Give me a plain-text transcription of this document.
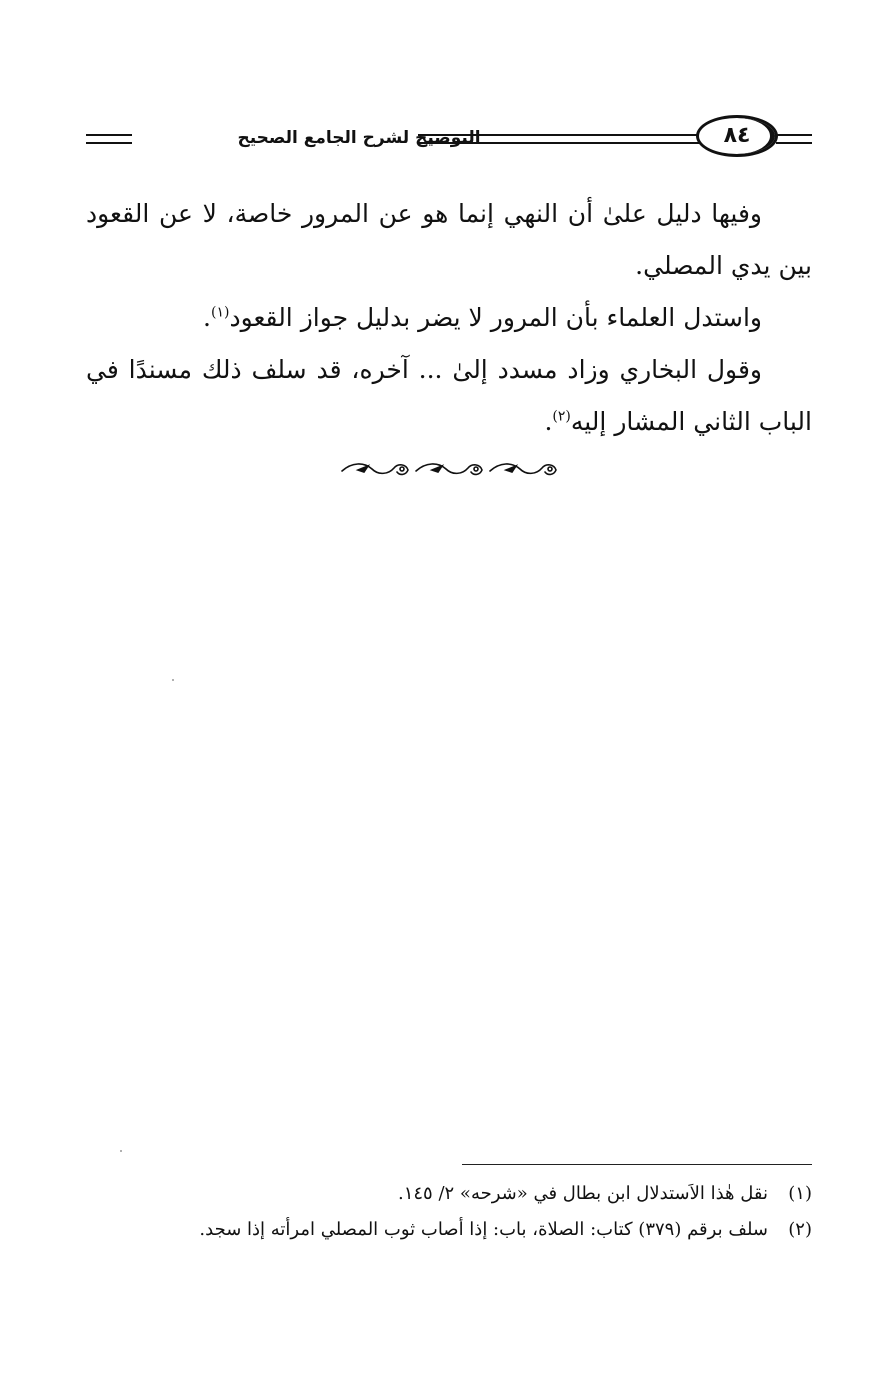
التوضيح لشرح الجامع الصحيح	٨٤

وفيها دليل علىٰ أن النهي إنما هو عن المرور خاصة، لا عن القعود بين يدي المصلي.

واستدل العلماء بأن المرور لا يضر بدليل جواز القعود$^{(١)}$.

وقول البخاري وزاد مسدد إلىٰ ... آخره، قد سلف ذلك مسندًا في الباب الثاني المشار إليه$^{(٢)}$.

(١)
نقل هٰذا الاَستدلال ابن بطال في «شرحه» ٢/ ١٤٥.
(٢)
سلف برقم (٣٧٩) كتاب: الصلاة، باب: إذا أصاب ثوب المصلي امرأته إذا سجد.
